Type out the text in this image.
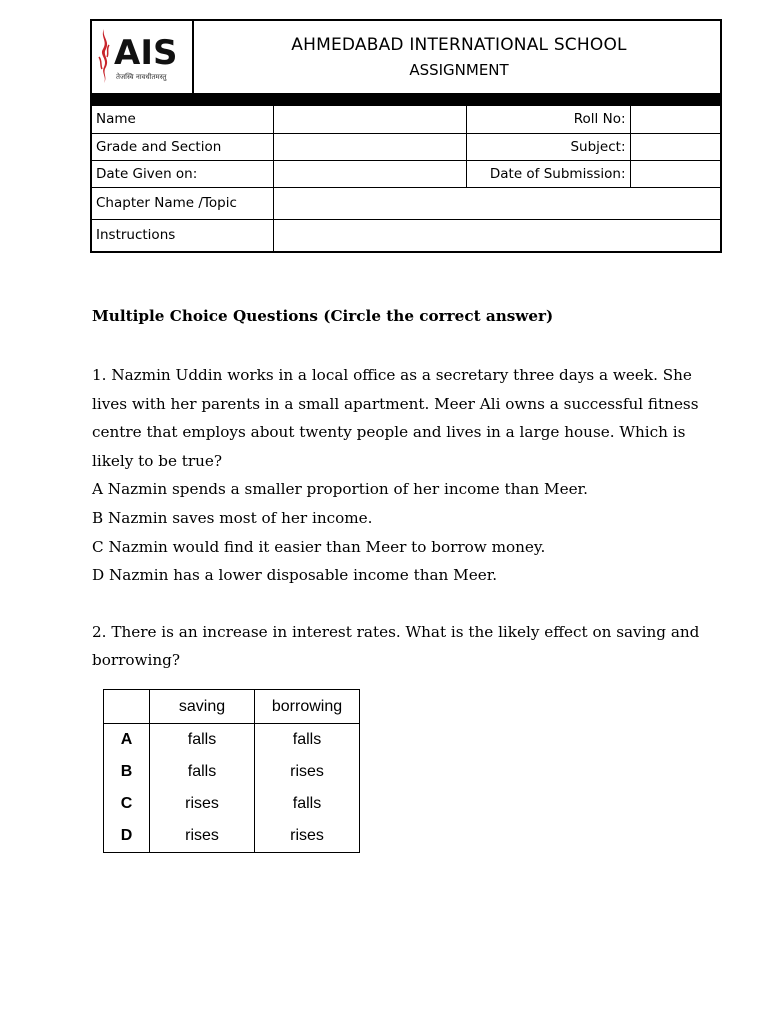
AIS
तेजस्वि नावधीतमस्तु
AHMEDABAD INTERNATIONAL SCHOOL
ASSIGNMENT
Name		Roll No:	
Grade and Section		Subject:	
Date Given on:		Date of Submission:	
Chapter Name /Topic			
Instructions			

Multiple Choice Questions (Circle the correct answer)

1. Nazmin Uddin works in a local office as a secretary three days a week. She lives with her parents in a small apartment. Meer Ali owns a successful fitness centre that employs about twenty people and lives in a large house. Which is likely to be true?

A Nazmin spends a smaller proportion of her income than Meer.

B Nazmin saves most of her income.

C Nazmin would find it easier than Meer to borrow money.

D Nazmin has a lower disposable income than Meer.

2. There is an increase in interest rates. What is the likely effect on saving and borrowing?

	saving	borrowing
A	falls	falls
B	falls	rises
C	rises	falls
D	rises	rises
